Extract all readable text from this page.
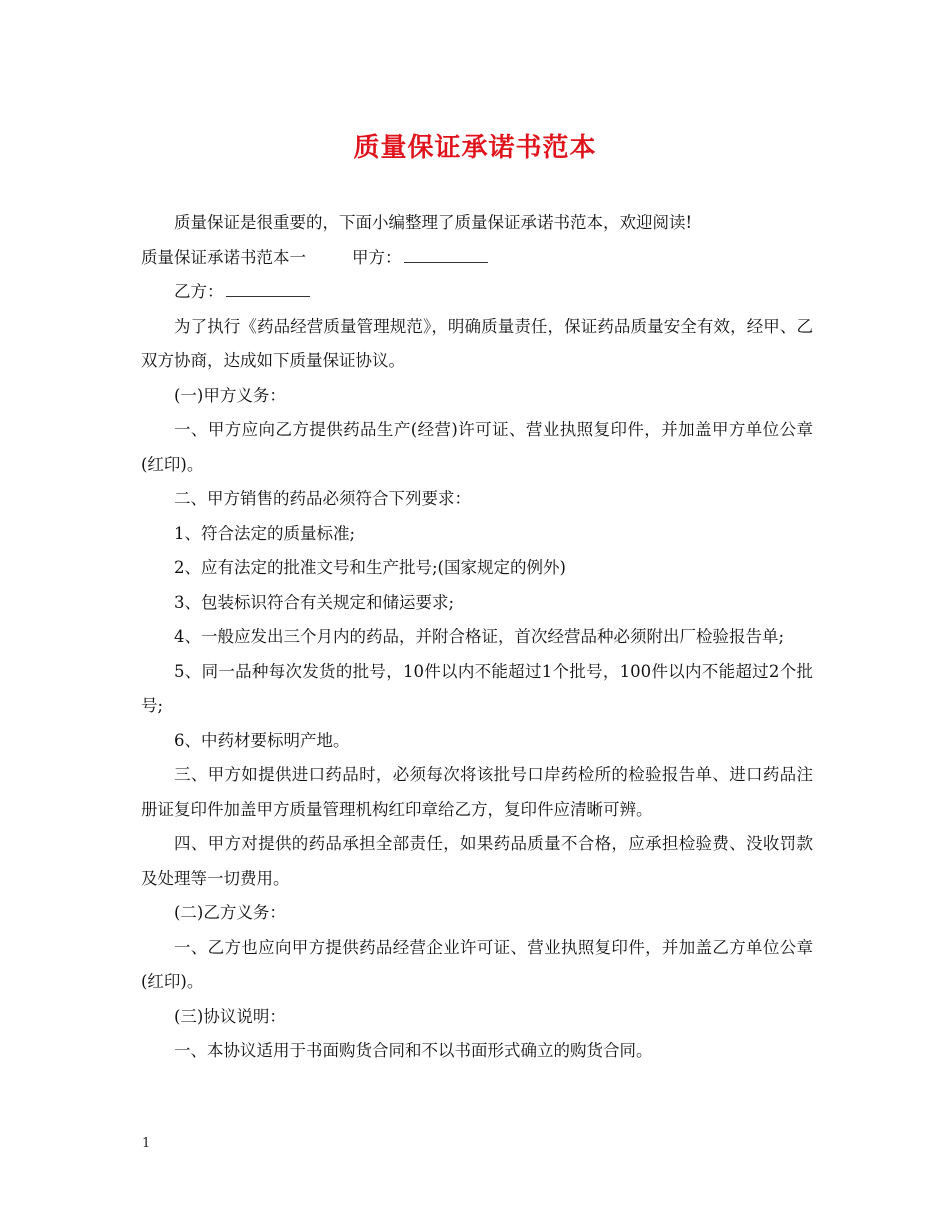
质量保证承诺书范本

质量保证是很重要的，下面小编整理了质量保证承诺书范本，欢迎阅读!

质量保证承诺书范本一	甲方：

乙方：

为了执行《药品经营质量管理规范》，明确质量责任，保证药品质量安全有效，经甲、乙双方协商，达成如下质量保证协议。

(一)甲方义务：

一、甲方应向乙方提供药品生产(经营)许可证、营业执照复印件，并加盖甲方单位公章(红印)。

二、甲方销售的药品必须符合下列要求：

1、符合法定的质量标准;

2、应有法定的批准文号和生产批号;(国家规定的例外)

3、包装标识符合有关规定和储运要求;

4、一般应发出三个月内的药品，并附合格证，首次经营品种必须附出厂检验报告单;

5、同一品种每次发货的批号，10件以内不能超过1个批号，100件以内不能超过2个批号;

6、中药材要标明产地。

三、甲方如提供进口药品时，必须每次将该批号口岸药检所的检验报告单、进口药品注册证复印件加盖甲方质量管理机构红印章给乙方，复印件应清晰可辨。

四、甲方对提供的药品承担全部责任，如果药品质量不合格，应承担检验费、没收罚款及处理等一切费用。

(二)乙方义务：

一、乙方也应向甲方提供药品经营企业许可证、营业执照复印件，并加盖乙方单位公章(红印)。

(三)协议说明：

一、本协议适用于书面购货合同和不以书面形式确立的购货合同。

1
